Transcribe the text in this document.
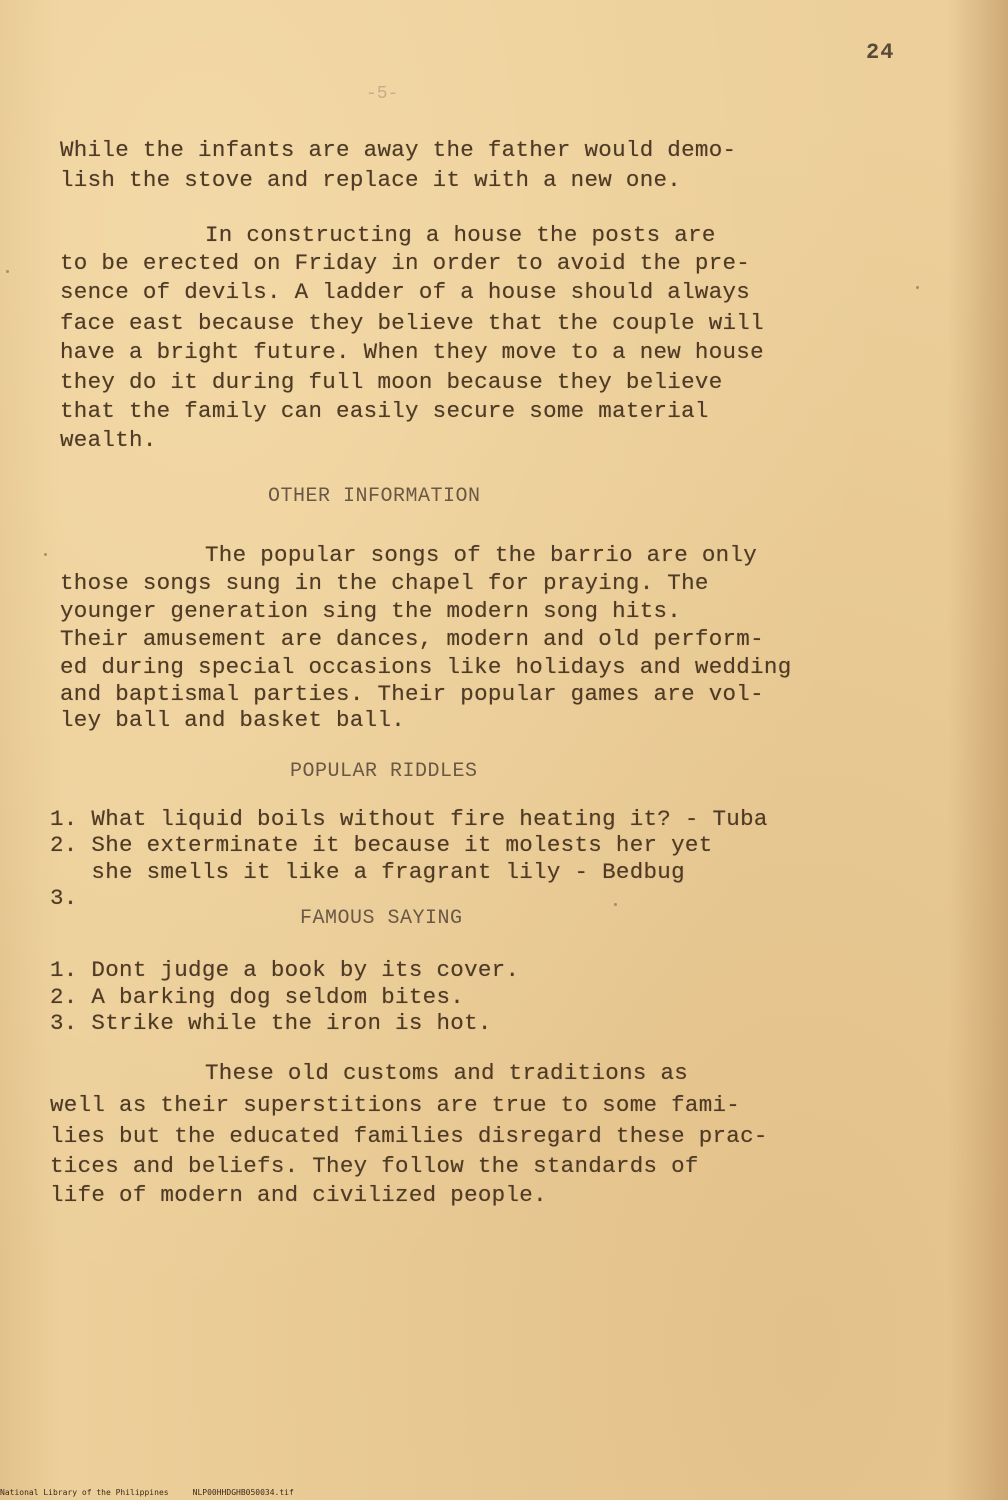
24
-5-
While the infants are away the father would demo-
lish the stove and replace it with a new one.
In constructing a house the posts are
to be erected on Friday in order to avoid the pre-
sence of devils. A ladder of a house should always
face east because they believe that the couple will
have a bright future. When they move to a new house
they do it during full moon because they believe
that the family can easily secure some material
wealth.
OTHER INFORMATION
The popular songs of the barrio are only
those songs sung in the chapel for praying. The
younger generation sing the modern song hits.
Their amusement are dances, modern and old perform-
ed during special occasions like holidays and wedding
and baptismal parties. Their popular games are vol-
ley ball and basket ball.
POPULAR RIDDLES
1. What liquid boils without fire heating it? - Tuba
2. She exterminate it because it molests her yet
she smells it like a fragrant lily - Bedbug
3.
FAMOUS SAYING
1. Dont judge a book by its cover.
2. A barking dog seldom bites.
3. Strike while the iron is hot.
These old customs and traditions as
well as their superstitions are true to some fami-
lies but the educated families disregard these prac-
tices and beliefs. They follow the standards of
life of modern and civilized people.
National Library of the Philippines     NLP00HHDGHB050034.tif
